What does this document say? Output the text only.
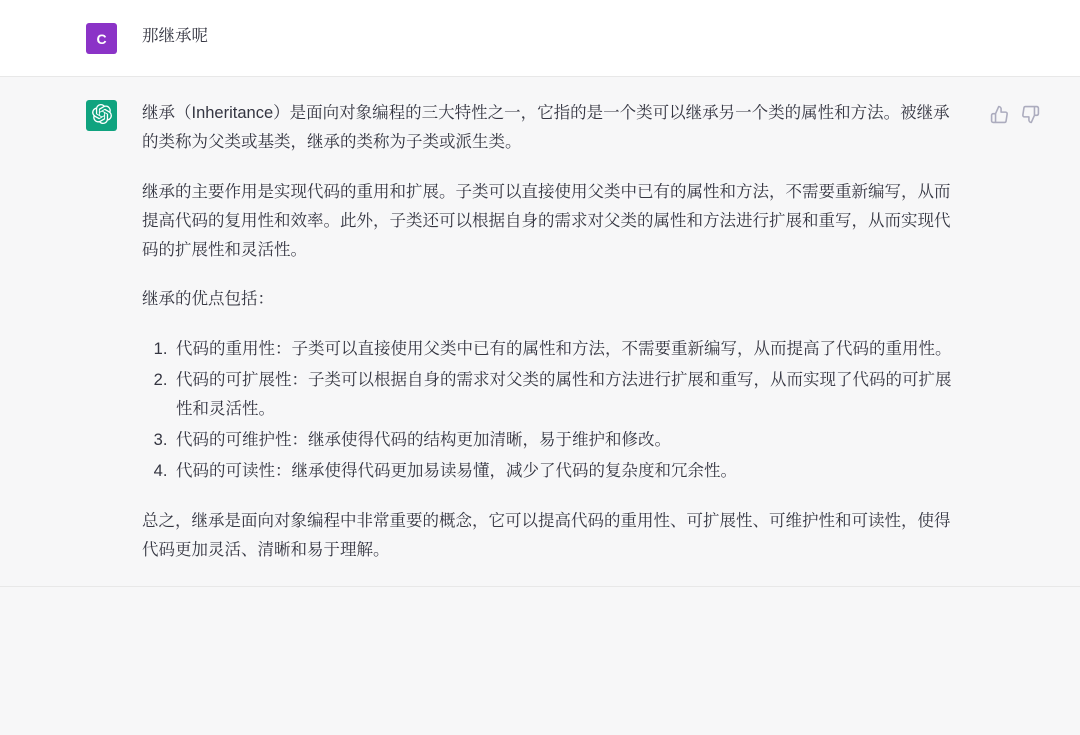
C 那继承呢

继承（Inheritance）是面向对象编程的三大特性之一，它指的是一个类可以继承另一个类的属性和方法。被继承的类称为父类或基类，继承的类称为子类或派生类。

继承的主要作用是实现代码的重用和扩展。子类可以直接使用父类中已有的属性和方法，不需要重新编写，从而提高代码的复用性和效率。此外，子类还可以根据自身的需求对父类的属性和方法进行扩展和重写，从而实现代码的扩展性和灵活性。

继承的优点包括：

1. 代码的重用性：子类可以直接使用父类中已有的属性和方法，不需要重新编写，从而提高了代码的重用性。
2. 代码的可扩展性：子类可以根据自身的需求对父类的属性和方法进行扩展和重写，从而实现了代码的可扩展性和灵活性。
3. 代码的可维护性：继承使得代码的结构更加清晰，易于维护和修改。
4. 代码的可读性：继承使得代码更加易读易懂，减少了代码的复杂度和冗余性。

总之，继承是面向对象编程中非常重要的概念，它可以提高代码的重用性、可扩展性、可维护性和可读性，使得代码更加灵活、清晰和易于理解。
